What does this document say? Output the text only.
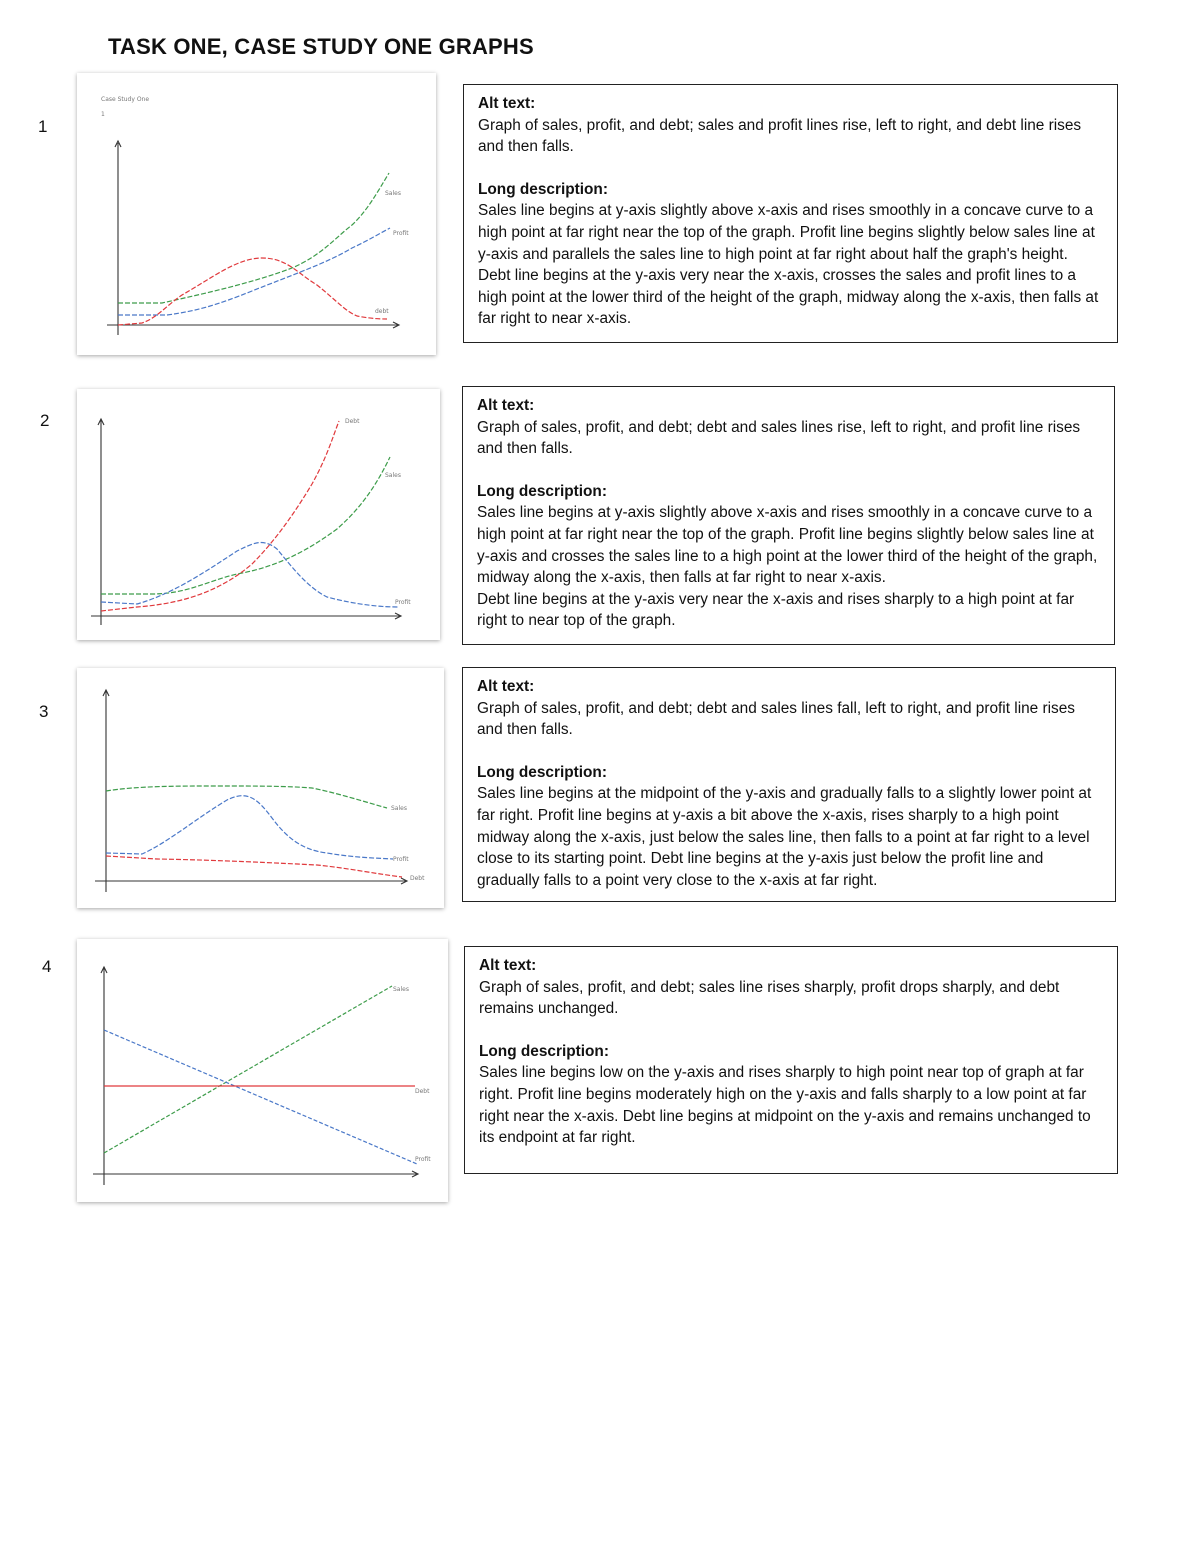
TASK ONE, CASE STUDY ONE GRAPHS
1
Case Study One
1
Sales
Profit
debt
Alt text:
Graph of sales, profit, and debt; sales and profit lines rise, left to right, and debt line rises and then falls.
Long description:
Sales line begins at y-axis slightly above x-axis and rises smoothly in a concave curve to a high point at far right near the top of the graph. Profit line begins slightly below sales line at y-axis and parallels the sales line to high point at far right about half the graph's height. Debt line begins at the y-axis very near the x-axis, crosses the sales and profit lines to a high point at the lower third of the height of the graph, midway along the x-axis, then falls at far right to near x-axis.
2	Debt
Sales
Profit
Alt text:
Graph of sales, profit, and debt; debt and sales lines rise, left to right, and profit line rises and then falls.
Long description:
Sales line begins at y-axis slightly above x-axis and rises smoothly in a concave curve to a high point at far right near the top of the graph. Profit line begins slightly below sales line at y-axis and crosses the sales line to a high point at the lower third of the height of the graph, midway along the x-axis, then falls at far right to near x-axis.
Debt line begins at the y-axis very near the x-axis and rises sharply to a high point at far right to near top of the graph.
3
Sales
Profit
Debt
Alt text:
Graph of sales, profit, and debt; debt and sales lines fall, left to right, and profit line rises and then falls.
Long description:
Sales line begins at the midpoint of the y-axis and gradually falls to a slightly lower point at far right. Profit line begins at y-axis a bit above the x-axis, rises sharply to a high point midway along the x-axis, just below the sales line, then falls to a point at far right to a level close to its starting point. Debt line begins at the y-axis just below the profit line and gradually falls to a point very close to the x-axis at far right.
4
Sales
Debt
Profit
Alt text:
Graph of sales, profit, and debt; sales line rises sharply, profit drops sharply, and debt remains unchanged.
Long description:
Sales line begins low on the y-axis and rises sharply to high point near top of graph at far right. Profit line begins moderately high on the y-axis and falls sharply to a low point at far right near the x-axis. Debt line begins at midpoint on the y-axis and remains unchanged to its endpoint at far right.
